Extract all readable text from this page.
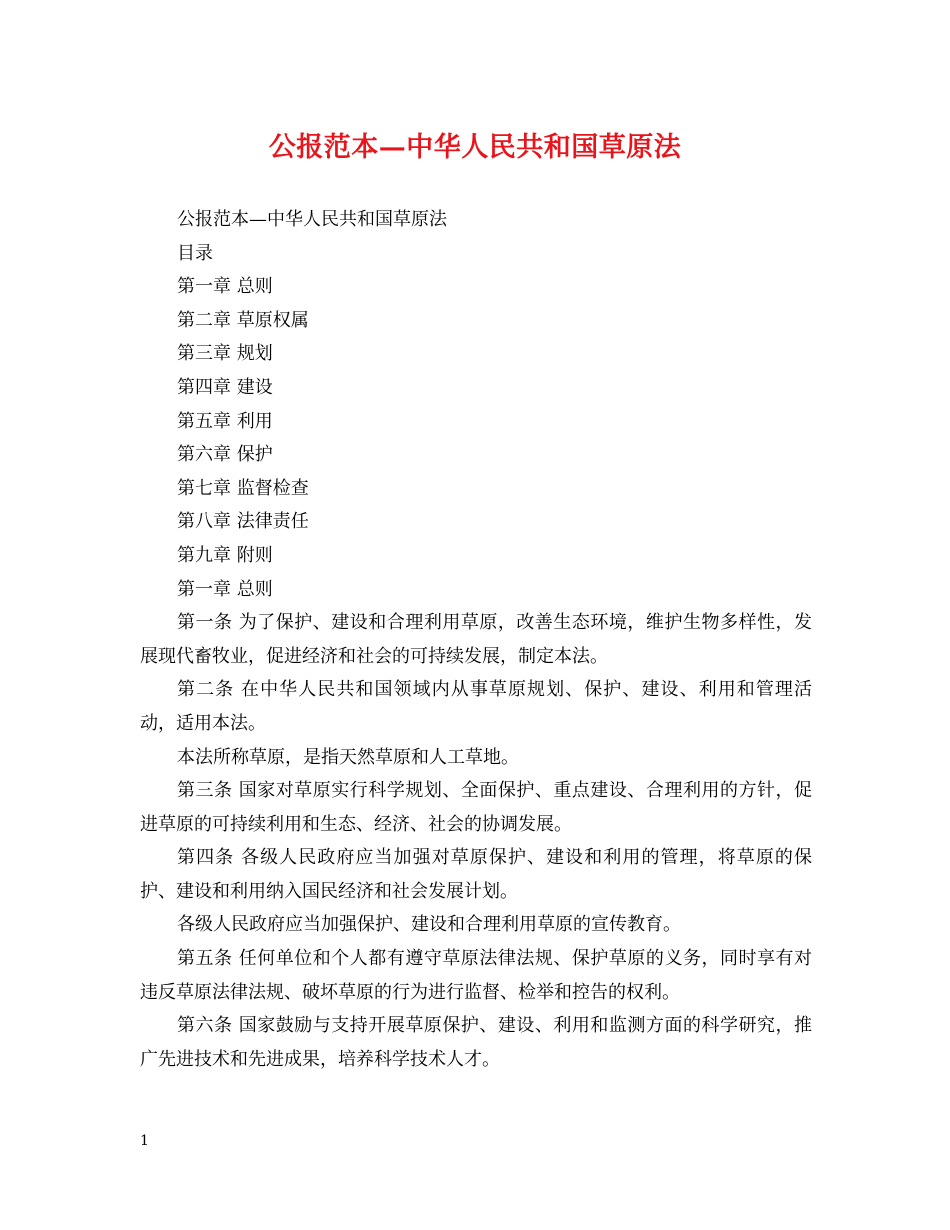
公报范本—中华人民共和国草原法

公报范本—中华人民共和国草原法

目录

第一章 总则

第二章 草原权属

第三章 规划

第四章 建设

第五章 利用

第六章 保护

第七章 监督检查

第八章 法律责任

第九章 附则

第一章 总则

第一条 为了保护、建设和合理利用草原，改善生态环境，维护生物多样性，发展现代畜牧业，促进经济和社会的可持续发展，制定本法。

第二条 在中华人民共和国领域内从事草原规划、保护、建设、利用和管理活动，适用本法。

本法所称草原，是指天然草原和人工草地。

第三条 国家对草原实行科学规划、全面保护、重点建设、合理利用的方针，促进草原的可持续利用和生态、经济、社会的协调发展。

第四条 各级人民政府应当加强对草原保护、建设和利用的管理，将草原的保护、建设和利用纳入国民经济和社会发展计划。

各级人民政府应当加强保护、建设和合理利用草原的宣传教育。

第五条 任何单位和个人都有遵守草原法律法规、保护草原的义务，同时享有对违反草原法律法规、破坏草原的行为进行监督、检举和控告的权利。

第六条 国家鼓励与支持开展草原保护、建设、利用和监测方面的科学研究，推广先进技术和先进成果，培养科学技术人才。

1
